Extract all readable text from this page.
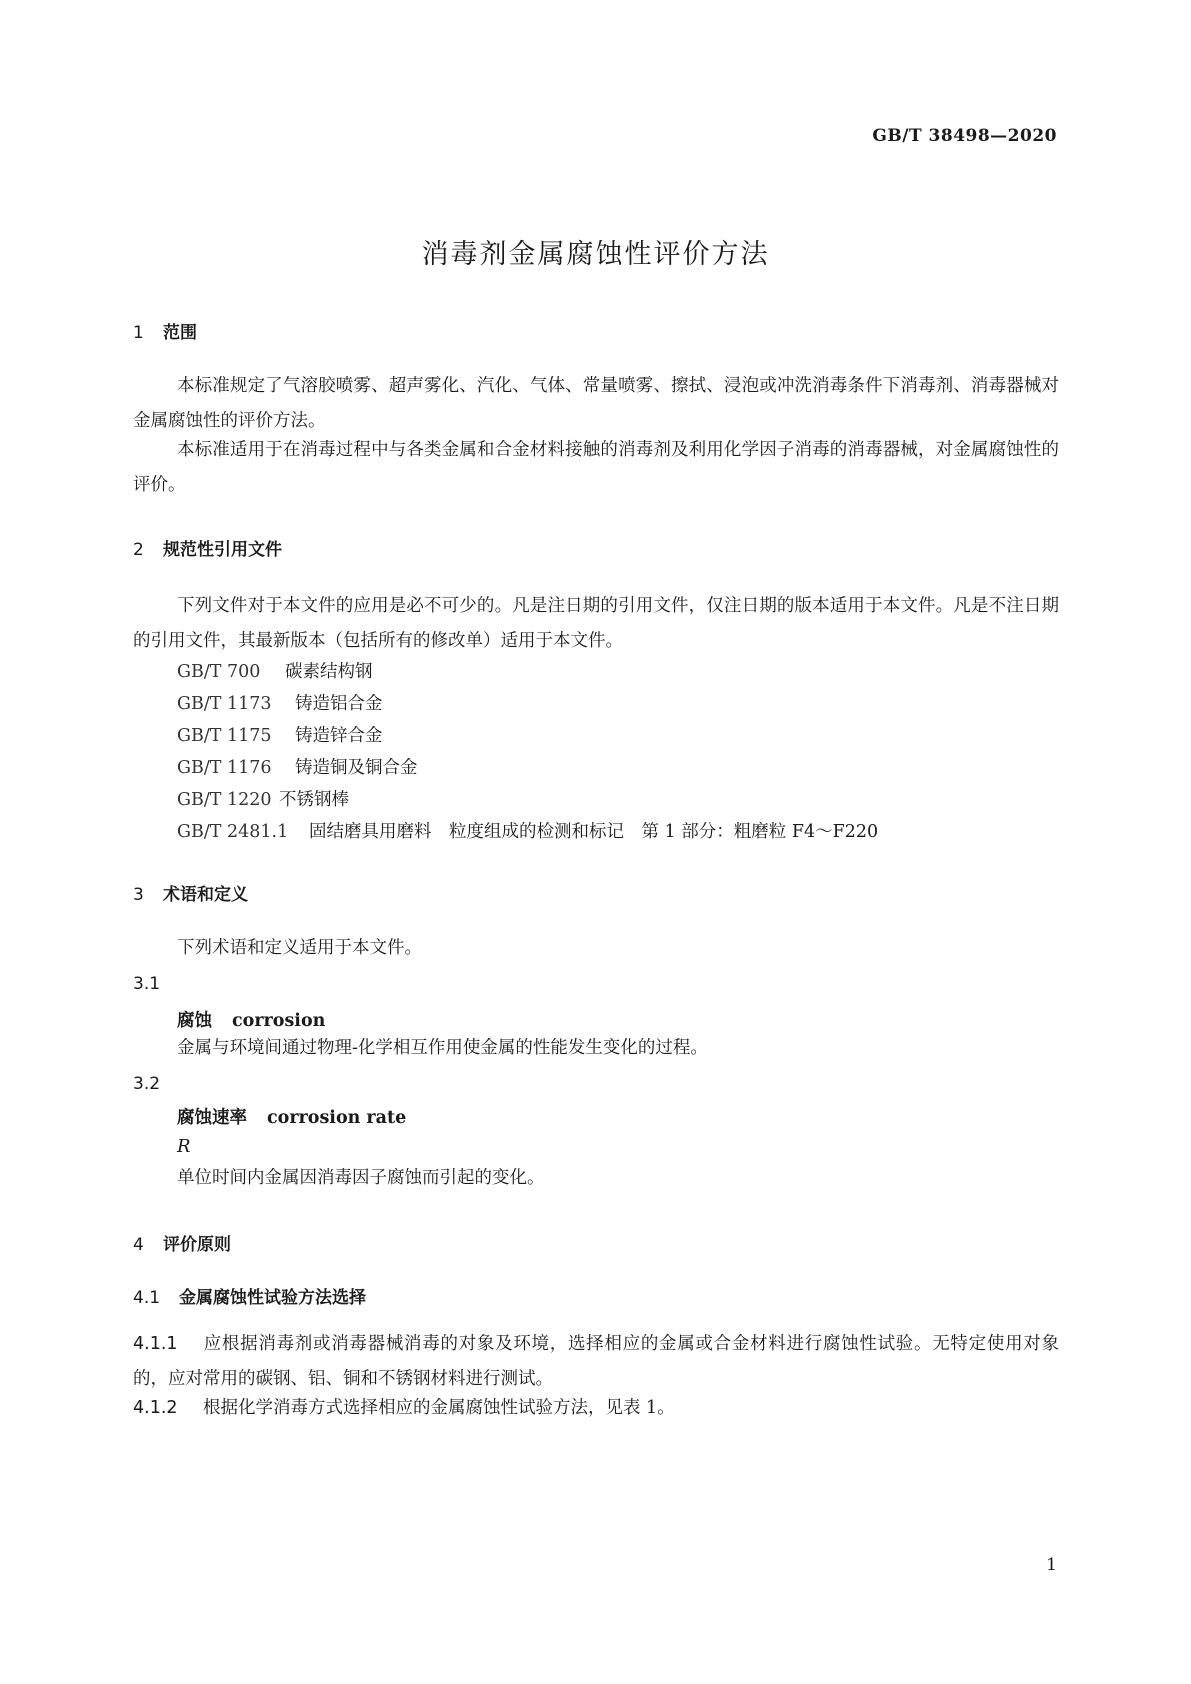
GB/T 38498—2020
消毒剂金属腐蚀性评价方法
1 范围
本标准规定了气溶胶喷雾、超声雾化、汽化、气体、常量喷雾、擦拭、浸泡或冲洗消毒条件下消毒剂、消毒器械对金属腐蚀性的评价方法。
本标准适用于在消毒过程中与各类金属和合金材料接触的消毒剂及利用化学因子消毒的消毒器械，对金属腐蚀性的评价。
2 规范性引用文件
下列文件对于本文件的应用是必不可少的。凡是注日期的引用文件，仅注日期的版本适用于本文件。凡是不注日期的引用文件，其最新版本（包括所有的修改单）适用于本文件。
GB/T 700 碳素结构钢
GB/T 1173 铸造铝合金
GB/T 1175 铸造锌合金
GB/T 1176 铸造铜及铜合金
GB/T 1220 不锈钢棒
GB/T 2481.1 固结磨具用磨料　粒度组成的检测和标记　第 1 部分：粗磨粒 F4～F220
3 术语和定义
下列术语和定义适用于本文件。
3.1
腐蚀 corrosion
金属与环境间通过物理-化学相互作用使金属的性能发生变化的过程。
3.2
腐蚀速率 corrosion rate
R
单位时间内金属因消毒因子腐蚀而引起的变化。
4 评价原则
4.1 金属腐蚀性试验方法选择
4.1.1 应根据消毒剂或消毒器械消毒的对象及环境，选择相应的金属或合金材料进行腐蚀性试验。无特定使用对象的，应对常用的碳钢、铝、铜和不锈钢材料进行测试。
4.1.2 根据化学消毒方式选择相应的金属腐蚀性试验方法，见表 1。
1
